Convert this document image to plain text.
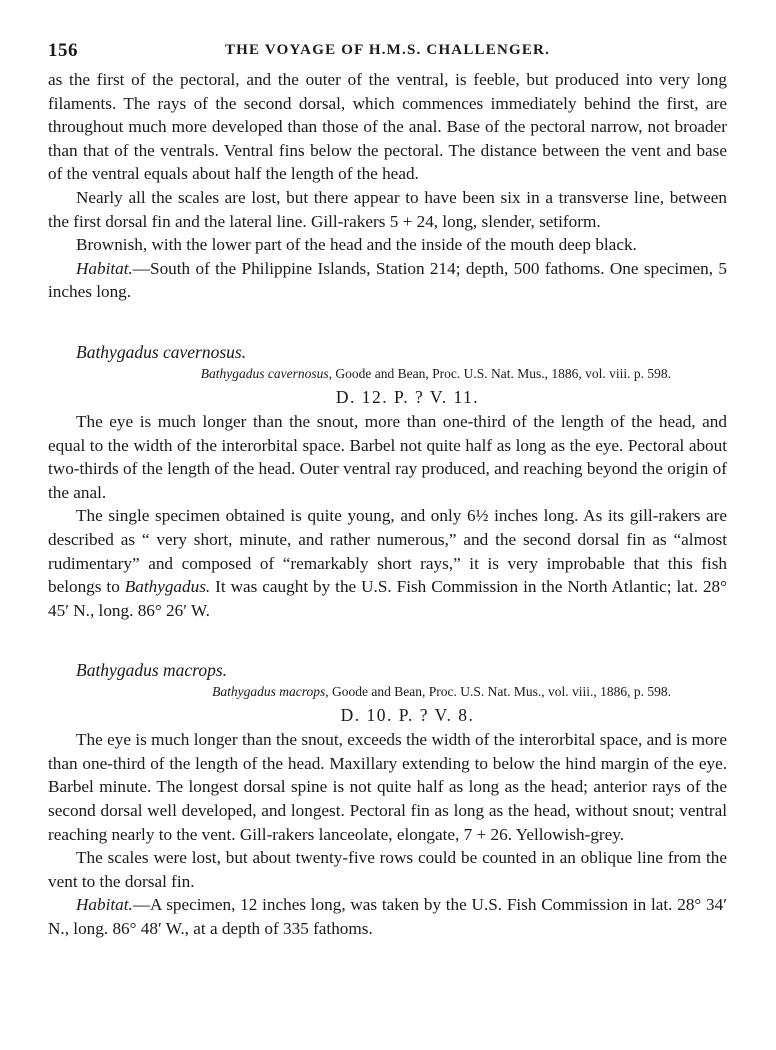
156	THE VOYAGE OF H.M.S. CHALLENGER.

as the first of the pectoral, and the outer of the ventral, is feeble, but produced into very long filaments. The rays of the second dorsal, which commences immediately behind the first, are throughout much more developed than those of the anal. Base of the pectoral narrow, not broader than that of the ventrals. Ventral fins below the pectoral. The distance between the vent and base of the ventral equals about half the length of the head.

Nearly all the scales are lost, but there appear to have been six in a transverse line, between the first dorsal fin and the lateral line. Gill-rakers 5 + 24, long, slender, setiform.

Brownish, with the lower part of the head and the inside of the mouth deep black.

Habitat.—South of the Philippine Islands, Station 214; depth, 500 fathoms. One specimen, 5 inches long.

Bathygadus cavernosus.
Bathygadus cavernosus, Goode and Bean, Proc. U.S. Nat. Mus., 1886, vol. viii. p. 598.
D. 12. P. ? V. 11.

The eye is much longer than the snout, more than one-third of the length of the head, and equal to the width of the interorbital space. Barbel not quite half as long as the eye. Pectoral about two-thirds of the length of the head. Outer ventral ray produced, and reaching beyond the origin of the anal.

The single specimen obtained is quite young, and only 6½ inches long. As its gill-rakers are described as “ very short, minute, and rather numerous,” and the second dorsal fin as “almost rudimentary” and composed of “remarkably short rays,” it is very improbable that this fish belongs to Bathygadus. It was caught by the U.S. Fish Commission in the North Atlantic; lat. 28° 45′ N., long. 86° 26′ W.

Bathygadus macrops.
Bathygadus macrops, Goode and Bean, Proc. U.S. Nat. Mus., vol. viii., 1886, p. 598.
D. 10. P. ? V. 8.

The eye is much longer than the snout, exceeds the width of the interorbital space, and is more than one-third of the length of the head. Maxillary extending to below the hind margin of the eye. Barbel minute. The longest dorsal spine is not quite half as long as the head; anterior rays of the second dorsal well developed, and longest. Pectoral fin as long as the head, without snout; ventral reaching nearly to the vent. Gill-rakers lanceolate, elongate, 7 + 26. Yellowish-grey.

The scales were lost, but about twenty-five rows could be counted in an oblique line from the vent to the dorsal fin.

Habitat.—A specimen, 12 inches long, was taken by the U.S. Fish Commission in lat. 28° 34′ N., long. 86° 48′ W., at a depth of 335 fathoms.
